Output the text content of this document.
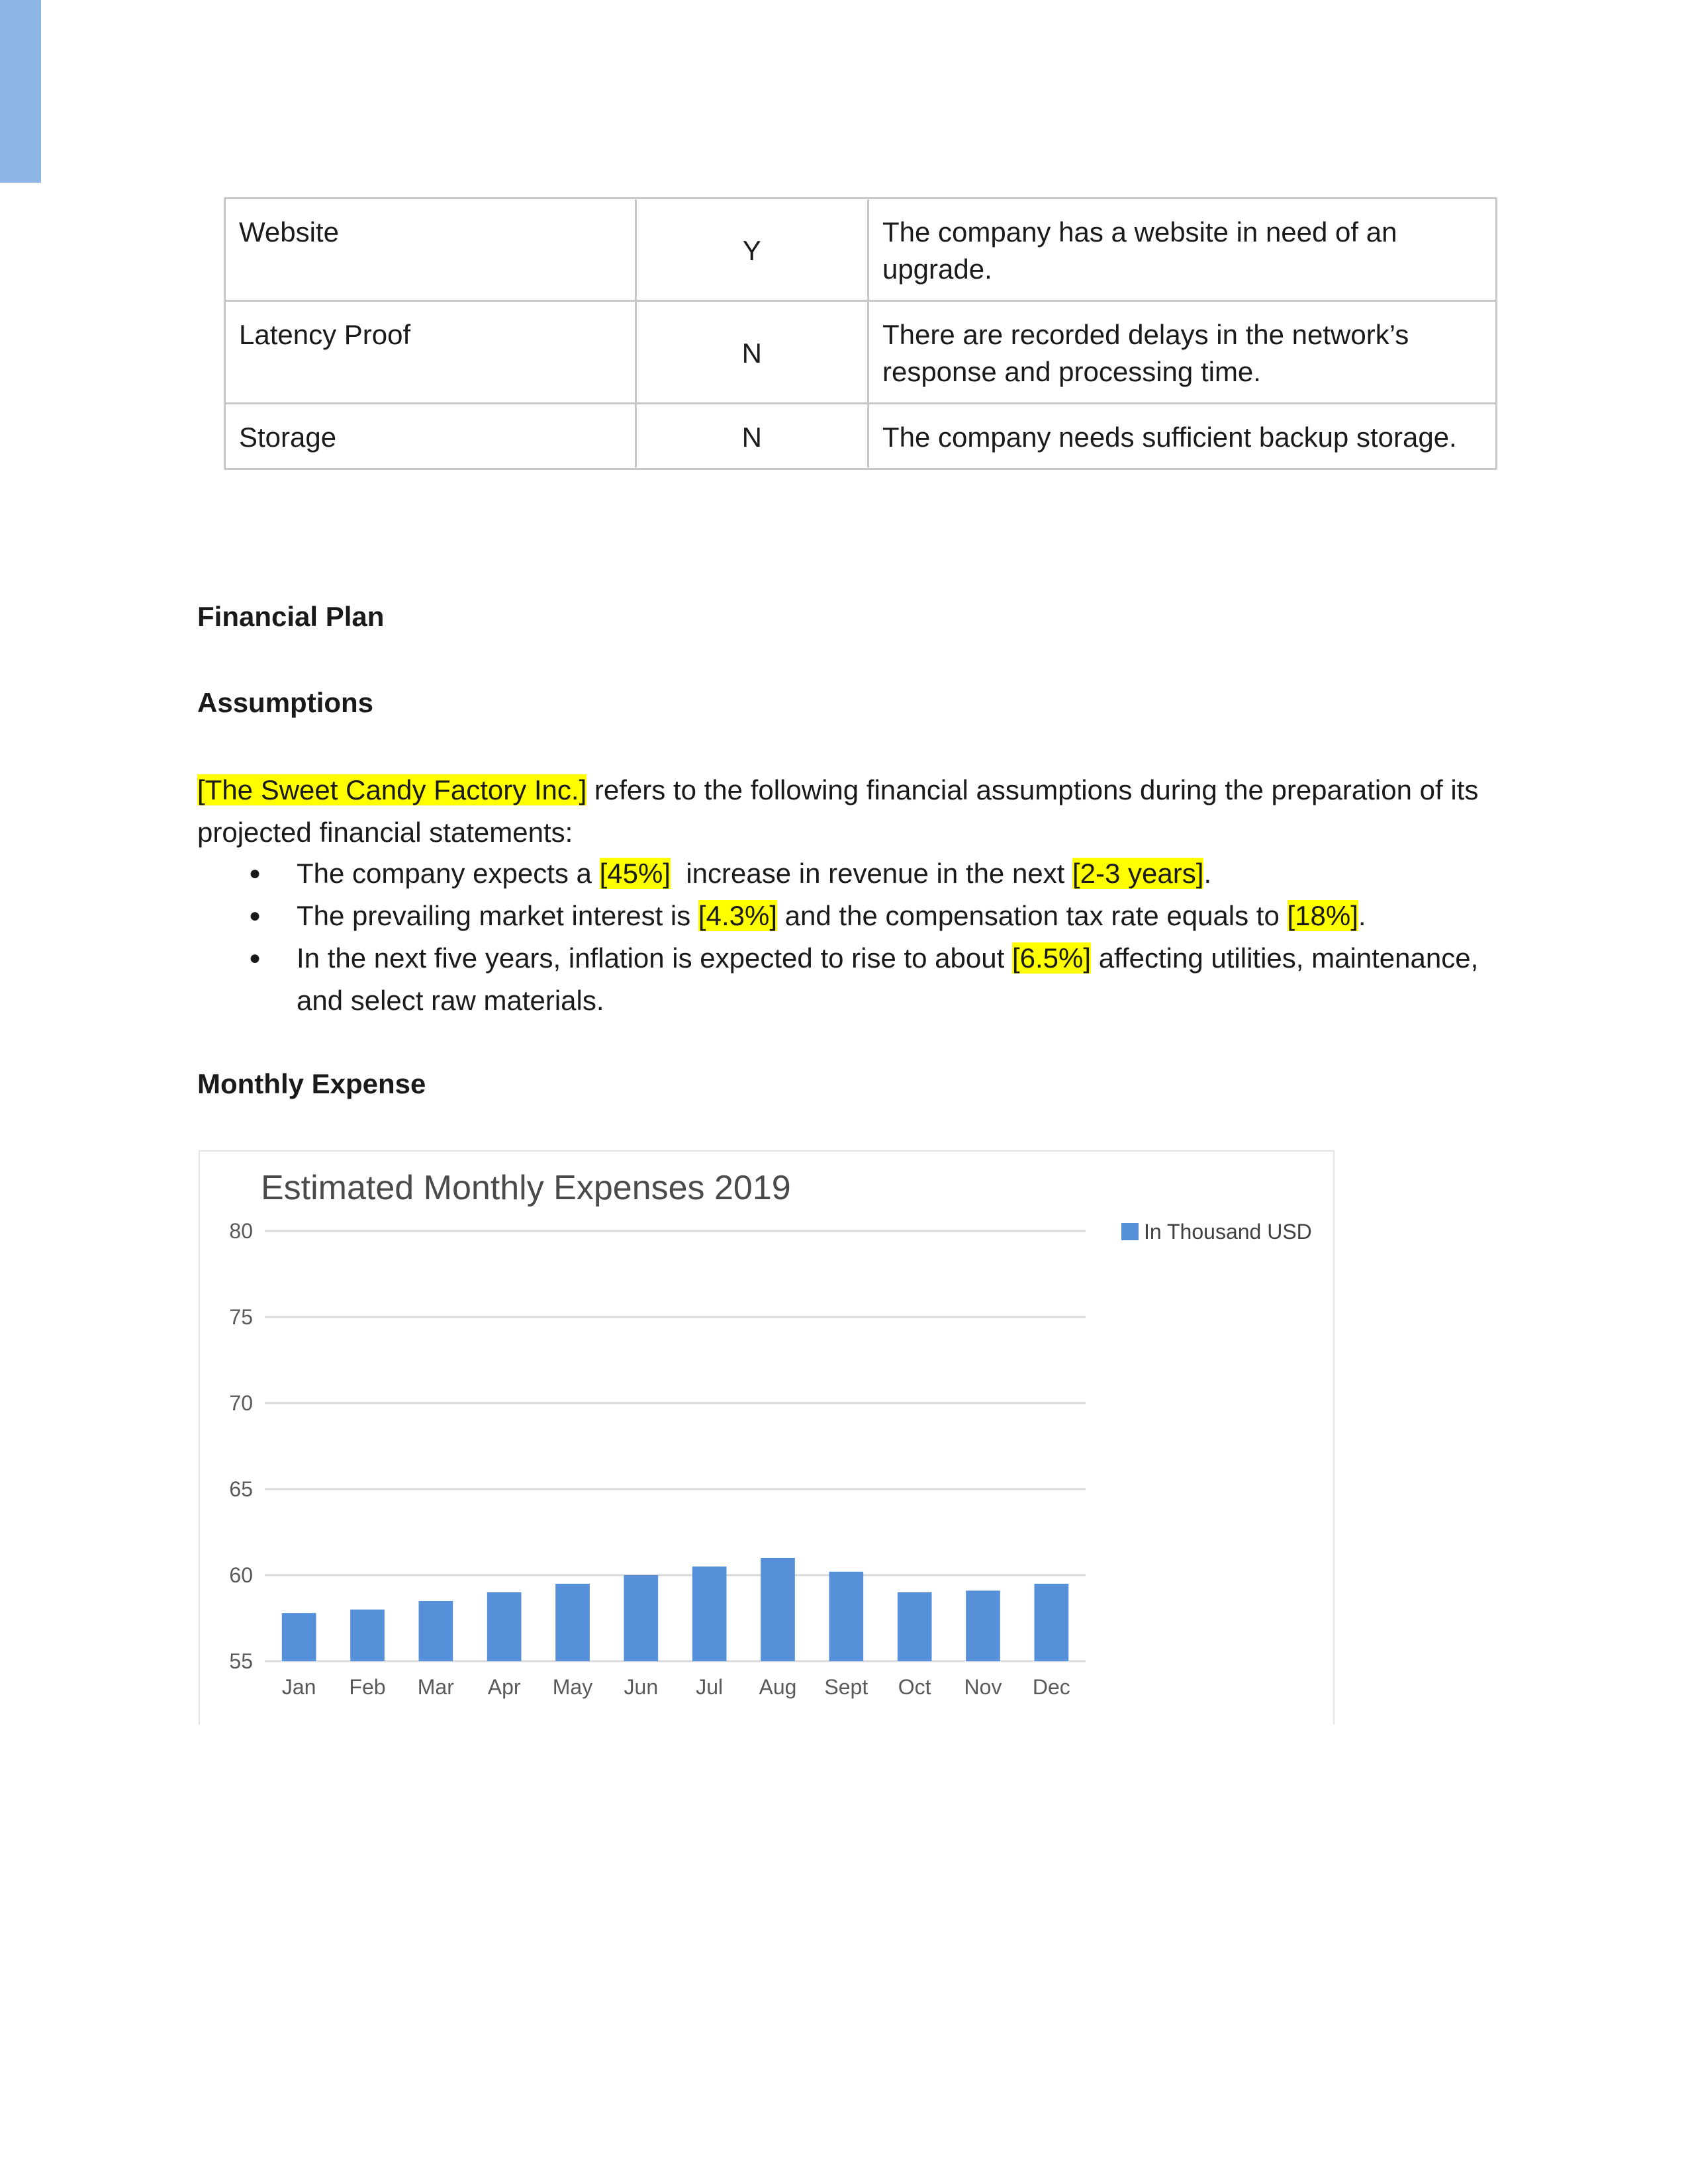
Website	Y	The company has a website in need of an upgrade.
Latency Proof	N	There are recorded delays in the network’s response and processing time.
Storage	N	The company needs sufficient backup storage.
Financial Plan
Assumptions
[The Sweet Candy Factory Inc.] refers to the following financial assumptions during the preparation of its projected financial statements:
● The company expects a [45%]  increase in revenue in the next [2-3 years].
● The prevailing market interest is [4.3%] and the compensation tax rate equals to [18%].
● In the next five years, inflation is expected to rise to about [6.5%] affecting utilities, maintenance, and select raw materials.
Monthly Expense
Estimated Monthly Expenses 2019
55
60
65
70
75
80
Jan Feb Mar Apr May Jun Jul Aug Sept Oct Nov Dec
In Thousand USD
